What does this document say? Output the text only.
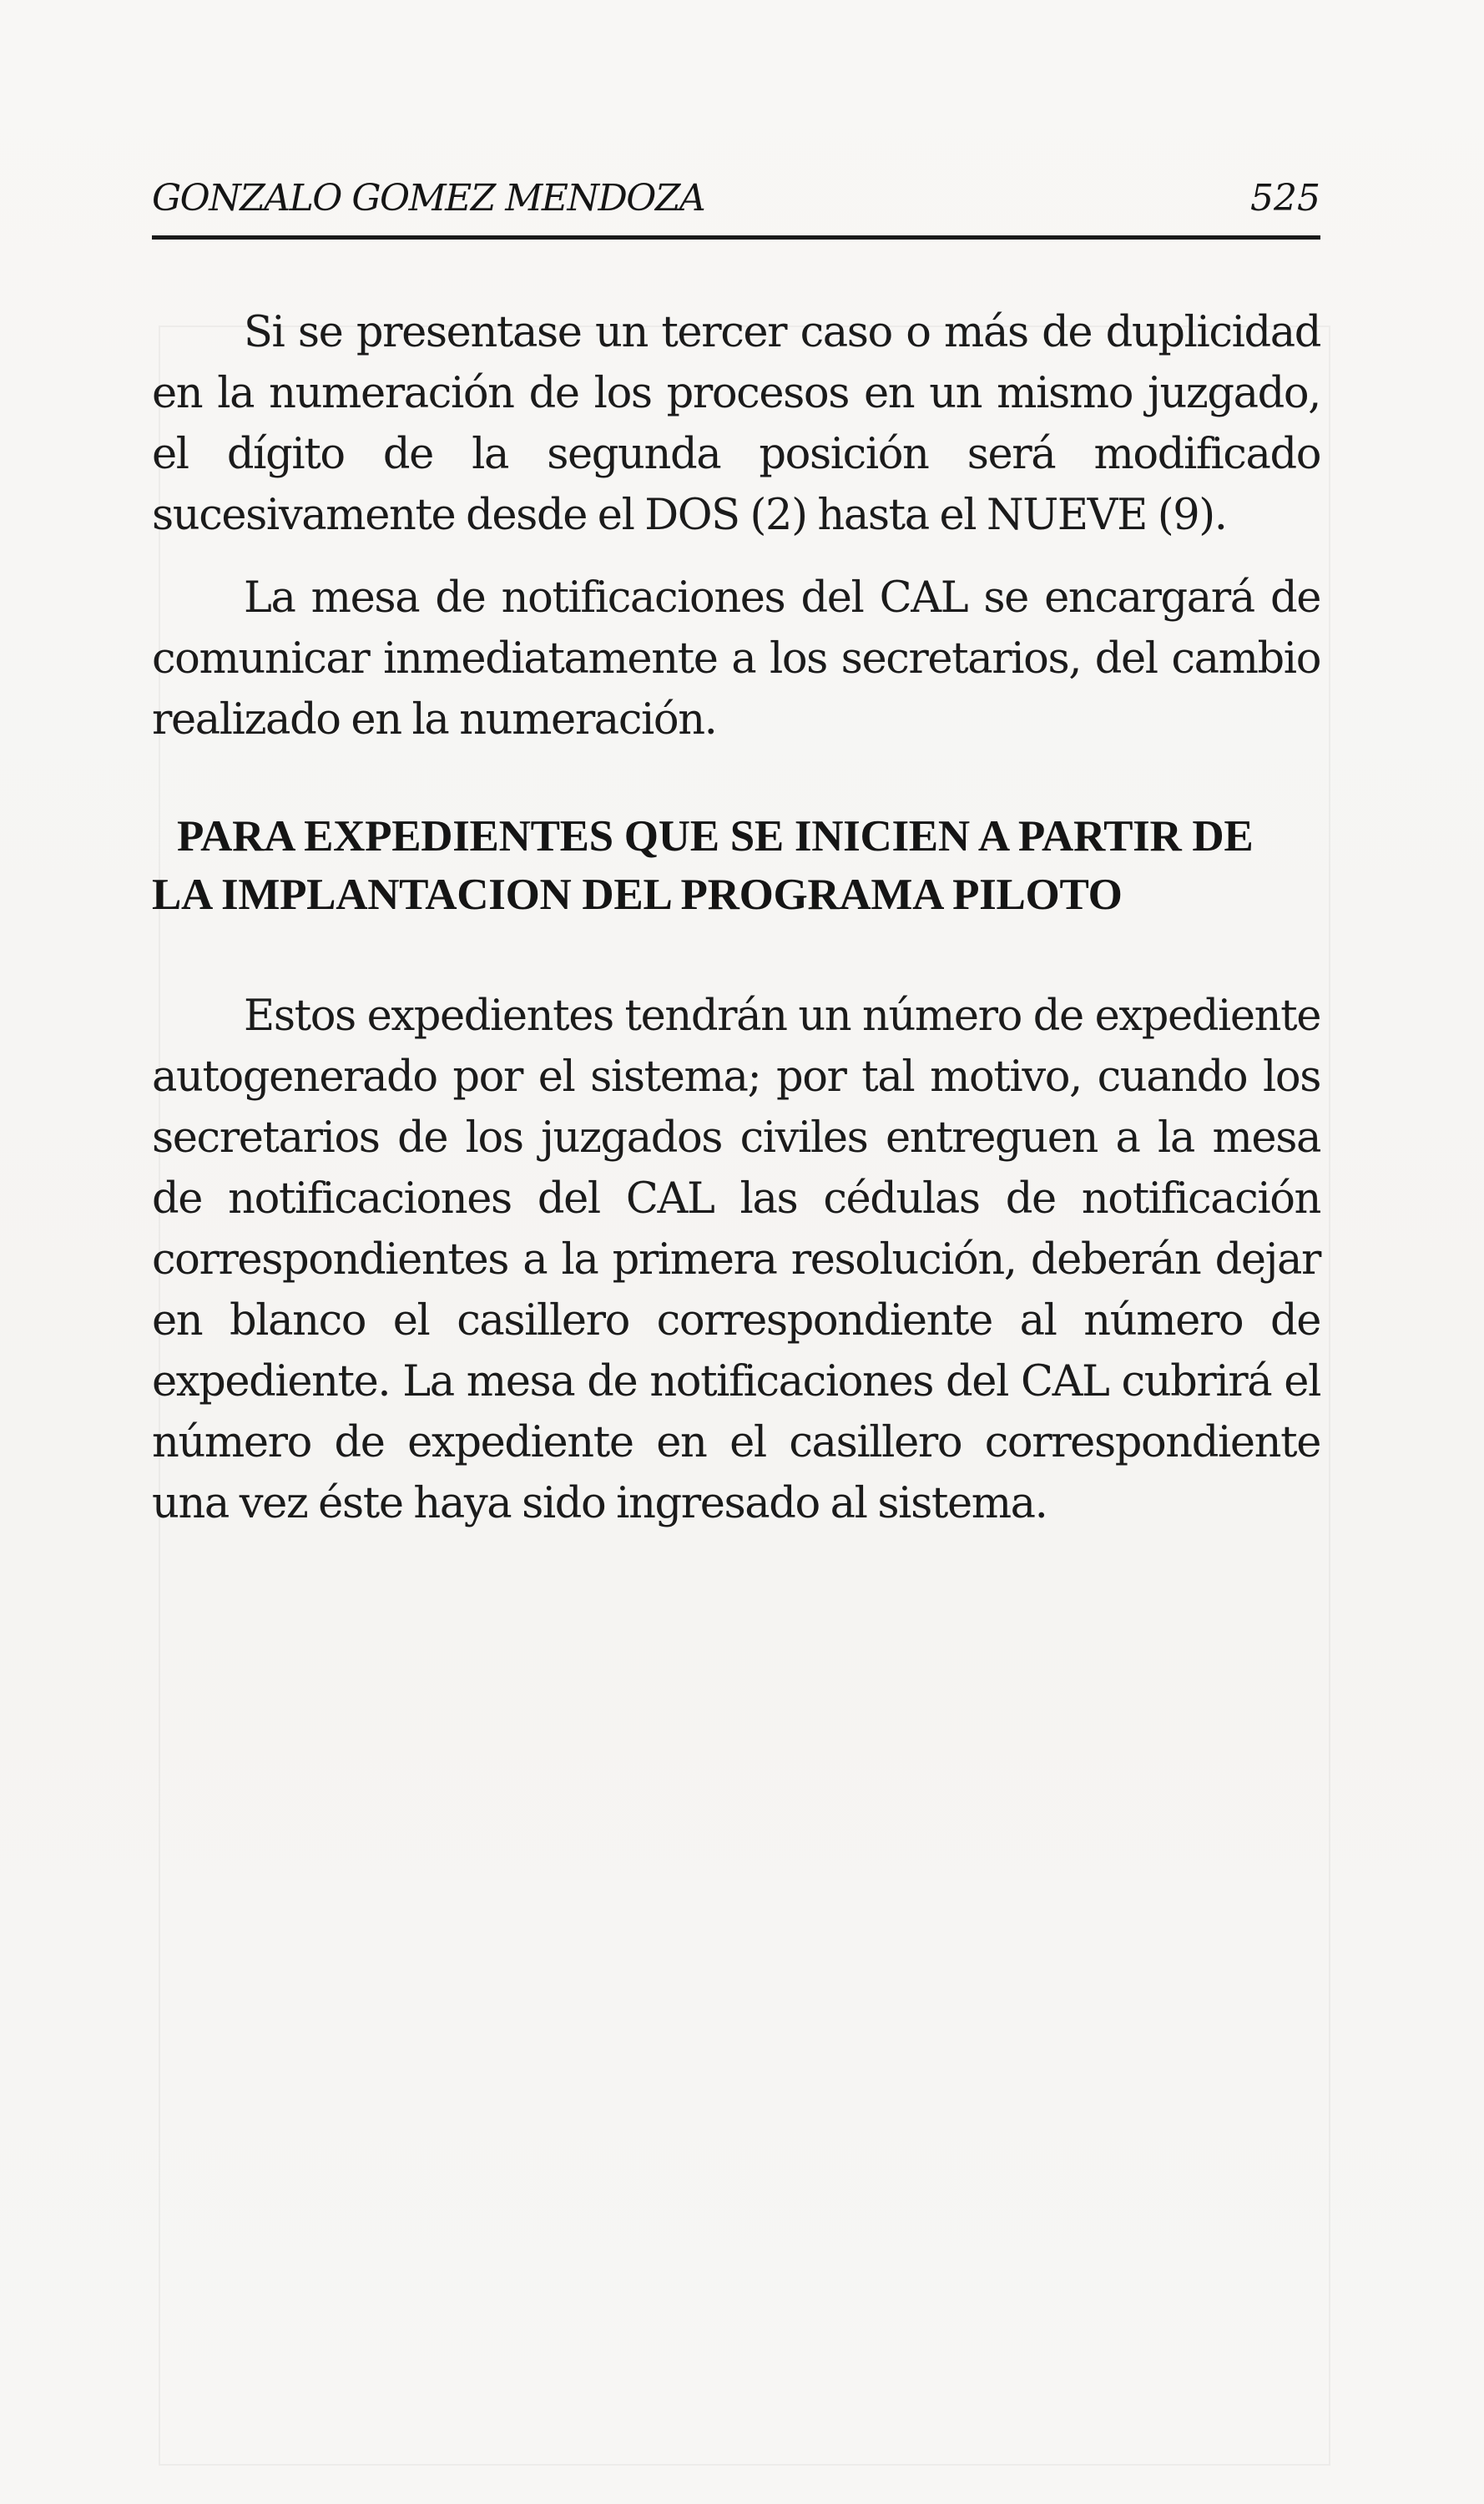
GONZALO GOMEZ MENDOZA	525

Si se presentase un tercer caso o más de duplicidad en la numeración de los procesos en un mismo juzgado, el dígito de la segunda posición será modificado sucesivamente desde el DOS (2) hasta el NUEVE (9).

La mesa de notificaciones del CAL se encargará de comunicar inmediatamente a los secretarios, del cambio realizado en la numeración.

PARA EXPEDIENTES QUE SE INICIEN A PARTIR DE LA IMPLANTACION DEL PROGRAMA PILOTO

Estos expedientes tendrán un número de expediente autogenerado por el sistema; por tal motivo, cuando los secretarios de los juzgados civiles entreguen a la mesa de notificaciones del CAL las cédulas de notificación correspondientes a la primera resolución, deberán dejar en blanco el casillero correspondiente al número de expediente. La mesa de notificaciones del CAL cubrirá el número de expediente en el casillero correspondiente una vez éste haya sido ingresado al sistema.
